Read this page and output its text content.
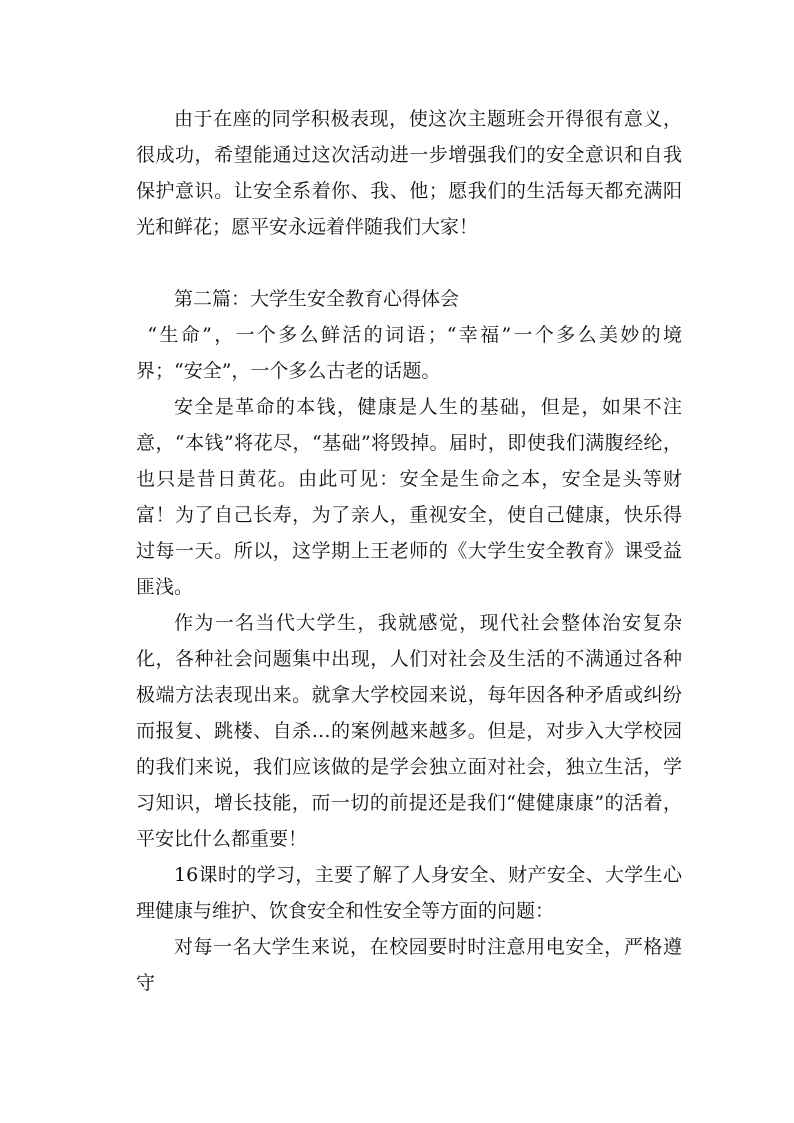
由于在座的同学积极表现，使这次主题班会开得很有意义，很成功，希望能通过这次活动进一步增强我们的安全意识和自我保护意识。让安全系着你、我、他；愿我们的生活每天都充满阳光和鲜花；愿平安永远着伴随我们大家！

第二篇：大学生安全教育心得体会

“生命”，一个多么鲜活的词语；“幸福”一个多么美妙的境界；“安全”，一个多么古老的话题。

安全是革命的本钱，健康是人生的基础，但是，如果不注意，“本钱”将花尽，“基础”将毁掉。届时，即使我们满腹经纶，也只是昔日黄花。由此可见：安全是生命之本，安全是头等财富！为了自己长寿，为了亲人，重视安全，使自己健康，快乐得过每一天。所以，这学期上王老师的《大学生安全教育》课受益匪浅。

作为一名当代大学生，我就感觉，现代社会整体治安复杂化，各种社会问题集中出现，人们对社会及生活的不满通过各种极端方法表现出来。就拿大学校园来说，每年因各种矛盾或纠纷而报复、跳楼、自杀…的案例越来越多。但是，对步入大学校园的我们来说，我们应该做的是学会独立面对社会，独立生活，学习知识，增长技能，而一切的前提还是我们“健健康康”的活着，平安比什么都重要！

16课时的学习，主要了解了人身安全、财产安全、大学生心理健康与维护、饮食安全和性安全等方面的问题：

对每一名大学生来说，在校园要时时注意用电安全，严格遵守
